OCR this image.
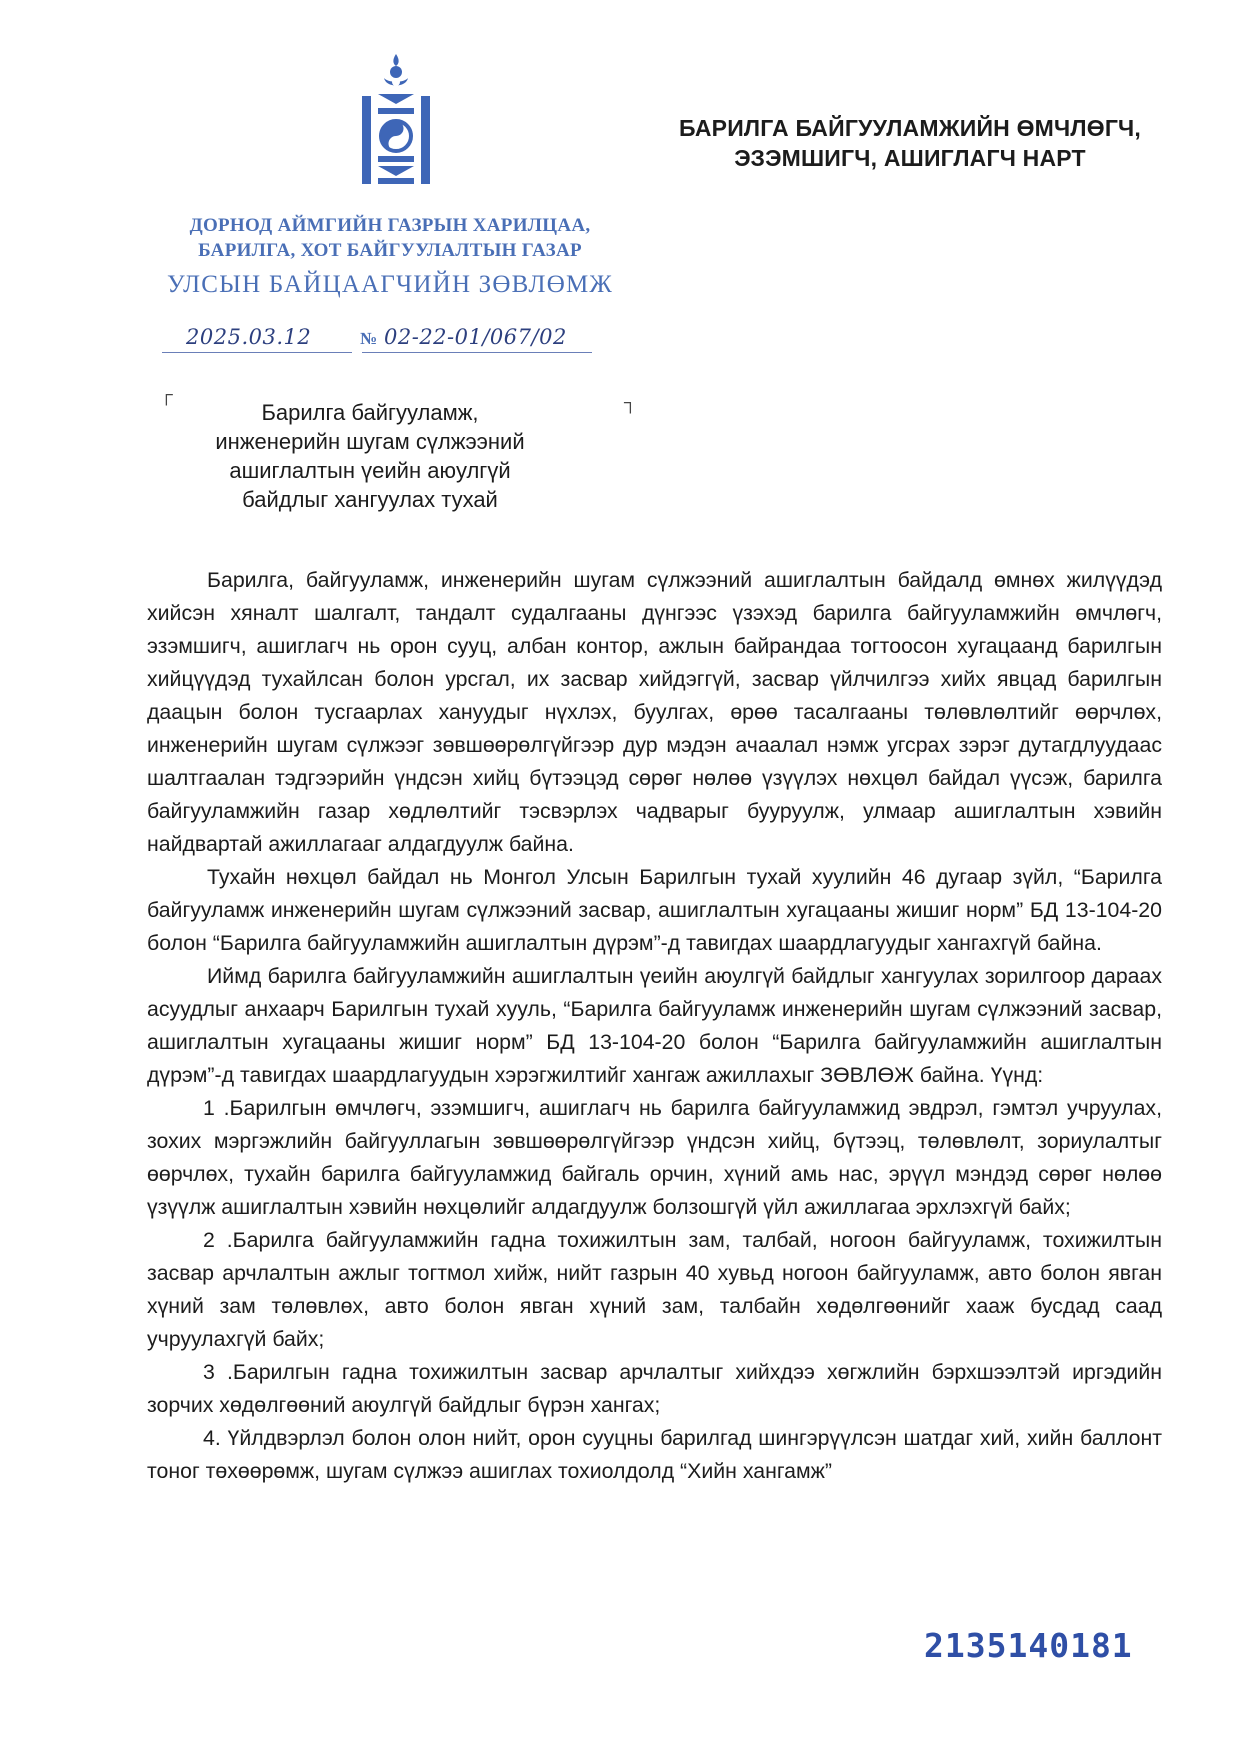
ДОРНОД АЙМГИЙН ГАЗРЫН ХАРИЛЦАА,
БАРИЛГА, ХОТ БАЙГУУЛАЛТЫН ГАЗАР
УЛСЫН БАЙЦААГЧИЙН ЗӨВЛӨМЖ
2025.03.12	№ 02-22-01/067/02
БАРИЛГА БАЙГУУЛАМЖИЙН ӨМЧЛӨГЧ,
ЭЗЭМШИГЧ, АШИГЛАГЧ НАРТ
┌	┐
Барилга байгууламж,
инженерийн шугам сүлжээний
ашиглалтын үеийн аюулгүй
байдлыг хангуулах тухай

Барилга, байгууламж, инженерийн шугам сүлжээний ашиглалтын байдалд өмнөх жилүүдэд хийсэн хяналт шалгалт, тандалт судалгааны дүнгээс үзэхэд барилга байгууламжийн өмчлөгч, эзэмшигч, ашиглагч нь орон сууц, албан контор, ажлын байрандаа тогтоосон хугацаанд барилгын хийцүүдэд тухайлсан болон урсгал, их засвар хийдэггүй, засвар үйлчилгээ хийх явцад барилгын даацын болон тусгаарлах хануудыг нүхлэх, буулгах, өрөө тасалгааны төлөвлөлтийг өөрчлөх, инженерийн шугам сүлжээг зөвшөөрөлгүйгээр дур мэдэн ачаалал нэмж угсрах зэрэг дутагдлуудаас шалтгаалан тэдгээрийн үндсэн хийц бүтээцэд сөрөг нөлөө үзүүлэх нөхцөл байдал үүсэж, барилга байгууламжийн газар хөдлөлтийг тэсвэрлэх чадварыг бууруулж, улмаар ашиглалтын хэвийн найдвартай ажиллагааг алдагдуулж байна.

Тухайн нөхцөл байдал нь Монгол Улсын Барилгын тухай хуулийн 46 дугаар зүйл, “Барилга байгууламж инженерийн шугам сүлжээний засвар, ашиглалтын хугацааны жишиг норм” БД 13-104-20 болон “Барилга байгууламжийн ашиглалтын дүрэм”-д тавигдах шаардлагуудыг хангахгүй байна.

Иймд барилга байгууламжийн ашиглалтын үеийн аюулгүй байдлыг хангуулах зорилгоор дараах асуудлыг анхаарч Барилгын тухай хууль, “Барилга байгууламж инженерийн шугам сүлжээний засвар, ашиглалтын хугацааны жишиг норм” БД 13-104-20 болон “Барилга байгууламжийн ашиглалтын дүрэм”-д тавигдах шаардлагуудын хэрэгжилтийг хангаж ажиллахыг ЗӨВЛӨЖ байна. Үүнд:

1 .Барилгын өмчлөгч, эзэмшигч, ашиглагч нь барилга байгууламжид эвдрэл, гэмтэл учруулах, зохих мэргэжлийн байгууллагын зөвшөөрөлгүйгээр үндсэн хийц, бүтээц, төлөвлөлт, зориулалтыг өөрчлөх, тухайн барилга байгууламжид байгаль орчин, хүний амь нас, эрүүл мэндэд сөрөг нөлөө үзүүлж ашиглалтын хэвийн нөхцөлийг алдагдуулж болзошгүй үйл ажиллагаа эрхлэхгүй байх;

2 .Барилга байгууламжийн гадна тохижилтын зам, талбай, ногоон байгууламж, тохижилтын засвар арчлалтын ажлыг тогтмол хийж, нийт газрын 40 хувьд ногоон байгууламж, авто болон явган хүний зам төлөвлөх, авто болон явган хүний зам, талбайн хөдөлгөөнийг хааж бусдад саад учруулахгүй байх;

3 .Барилгын гадна тохижилтын засвар арчлалтыг хийхдээ хөгжлийн бэрхшээлтэй иргэдийн зорчих хөдөлгөөний аюулгүй байдлыг бүрэн хангах;

4. Үйлдвэрлэл болон олон нийт, орон сууцны барилгад шингэрүүлсэн шатдаг хий, хийн баллонт тоног төхөөрөмж, шугам сүлжээ ашиглах тохиолдолд “Хийн хангамж”

2135140181
